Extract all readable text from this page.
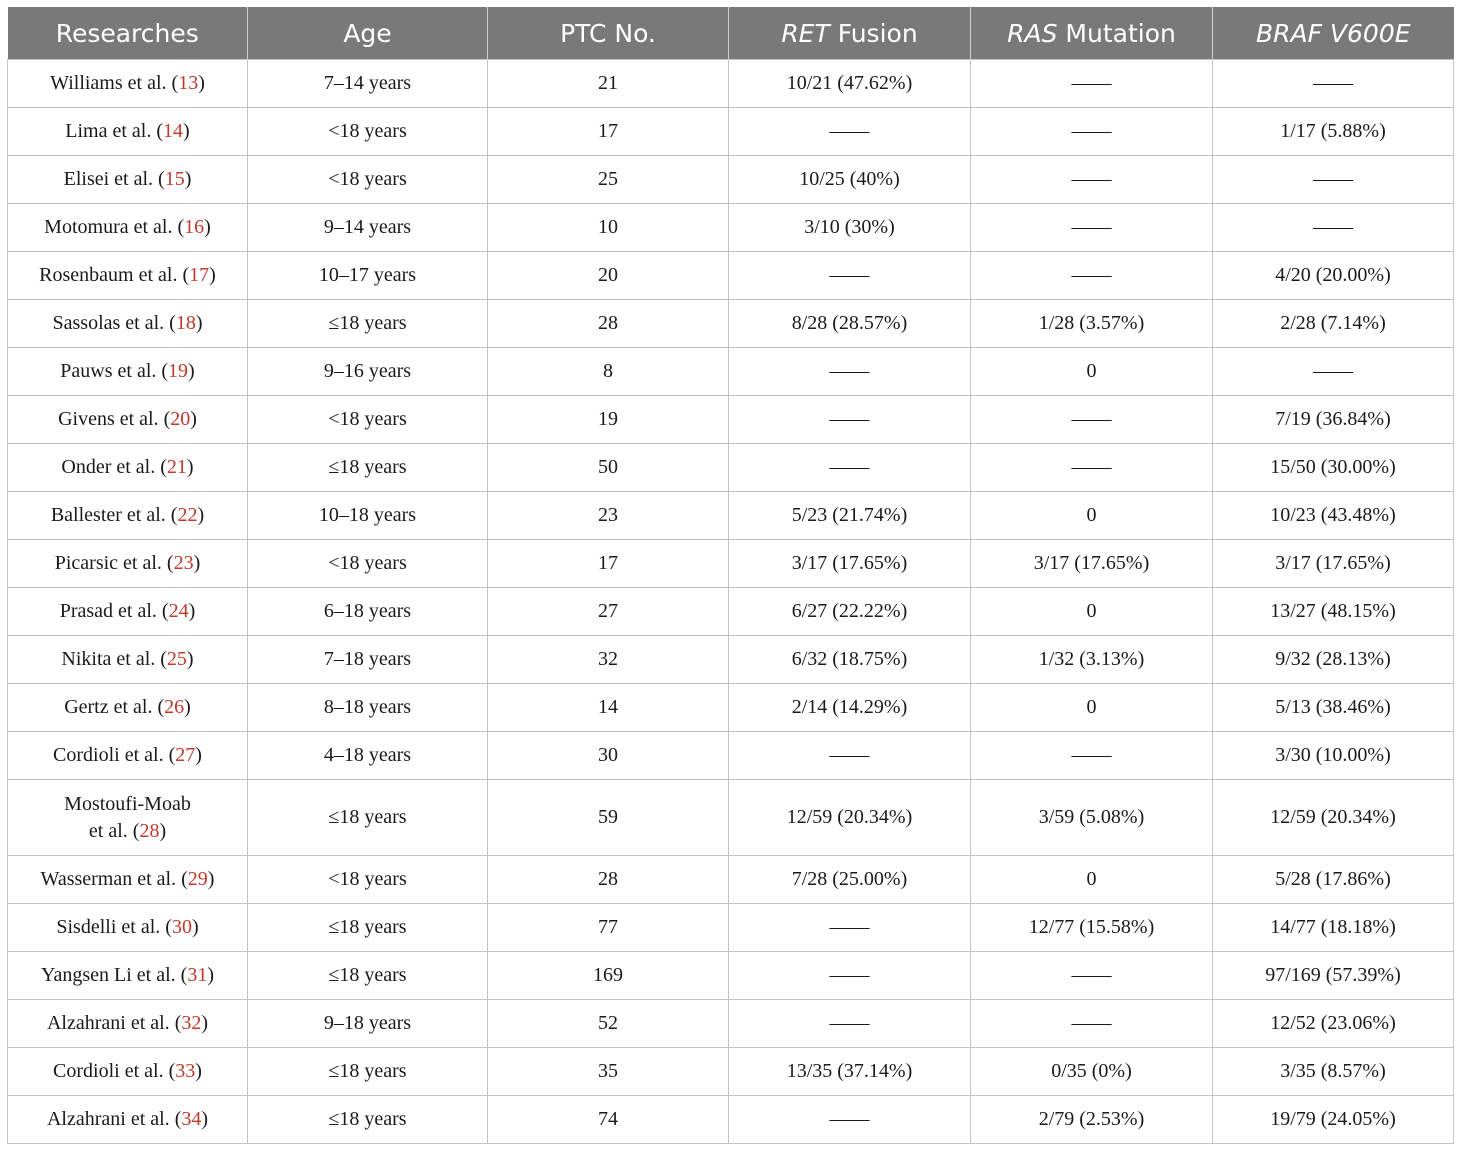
Researches	Age	PTC No.	RET Fusion	RAS Mutation	BRAF V600E
Williams et al. (13)	7–14 years	21	10/21 (47.62%)	——	——
Lima et al. (14)	<18 years	17	——	——	1/17 (5.88%)
Elisei et al. (15)	<18 years	25	10/25 (40%)	——	——
Motomura et al. (16)	9–14 years	10	3/10 (30%)	——	——
Rosenbaum et al. (17)	10–17 years	20	——	——	4/20 (20.00%)
Sassolas et al. (18)	≤18 years	28	8/28 (28.57%)	1/28 (3.57%)	2/28 (7.14%)
Pauws et al. (19)	9–16 years	8	——	0	——
Givens et al. (20)	<18 years	19	——	——	7/19 (36.84%)
Onder et al. (21)	≤18 years	50	——	——	15/50 (30.00%)
Ballester et al. (22)	10–18 years	23	5/23 (21.74%)	0	10/23 (43.48%)
Picarsic et al. (23)	<18 years	17	3/17 (17.65%)	3/17 (17.65%)	3/17 (17.65%)
Prasad et al. (24)	6–18 years	27	6/27 (22.22%)	0	13/27 (48.15%)
Nikita et al. (25)	7–18 years	32	6/32 (18.75%)	1/32 (3.13%)	9/32 (28.13%)
Gertz et al. (26)	8–18 years	14	2/14 (14.29%)	0	5/13 (38.46%)
Cordioli et al. (27)	4–18 years	30	——	——	3/30 (10.00%)
Mostoufi-Moab
et al. (28)	≤18 years	59	12/59 (20.34%)	3/59 (5.08%)	12/59 (20.34%)
Wasserman et al. (29)	<18 years	28	7/28 (25.00%)	0	5/28 (17.86%)
Sisdelli et al. (30)	≤18 years	77	——	12/77 (15.58%)	14/77 (18.18%)
Yangsen Li et al. (31)	≤18 years	169	——	——	97/169 (57.39%)
Alzahrani et al. (32)	9–18 years	52	——	——	12/52 (23.06%)
Cordioli et al. (33)	≤18 years	35	13/35 (37.14%)	0/35 (0%)	3/35 (8.57%)
Alzahrani et al. (34)	≤18 years	74	——	2/79 (2.53%)	19/79 (24.05%)
